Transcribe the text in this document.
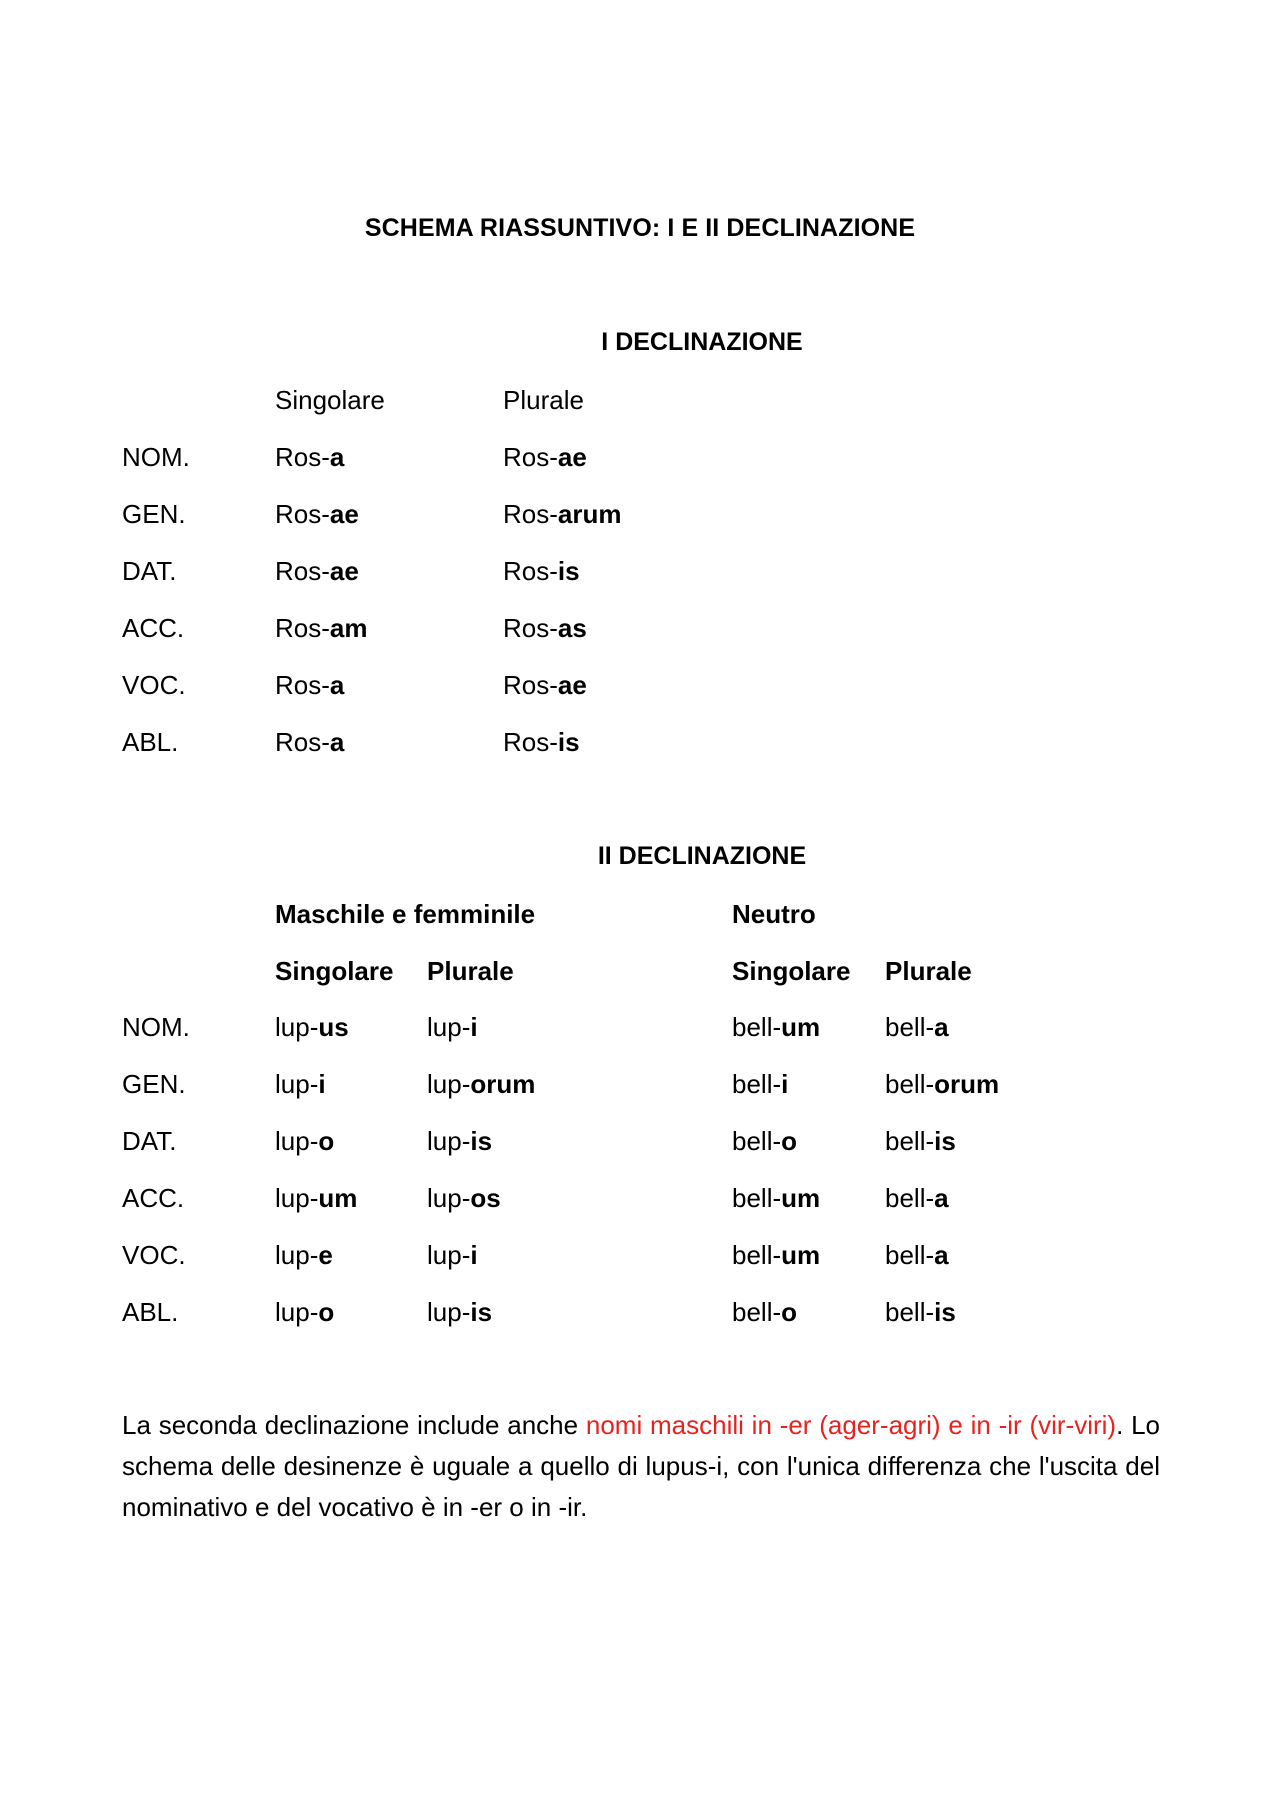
SCHEMA RIASSUNTIVO: I E II DECLINAZIONE
I DECLINAZIONE
Singolare	Plurale
NOM.	Ros-a	Ros-ae
GEN.	Ros-ae	Ros-arum
DAT.	Ros-ae	Ros-is
ACC.	Ros-am	Ros-as
VOC.	Ros-a	Ros-ae
ABL.	Ros-a	Ros-is
II DECLINAZIONE
Maschile e femminile	Neutro
Singolare Plurale	Singolare Plurale
NOM.	lup-us	lup-i	bell-um bell-a
GEN.	lup-i	lup-orum	bell-i	bell-orum
DAT.	lup-o	lup-is	bell-o	bell-is
ACC.	lup-um	lup-os	bell-um bell-a
VOC.	lup-e	lup-i	bell-um bell-a
ABL.	lup-o	lup-is	bell-o	bell-is
La seconda declinazione include anche nomi maschili in -er (ager-agri) e in -ir (vir-viri). Lo schema delle desinenze è uguale a quello di lupus-i, con l'unica differenza che l'uscita del nominativo e del vocativo è in -er o in -ir.
